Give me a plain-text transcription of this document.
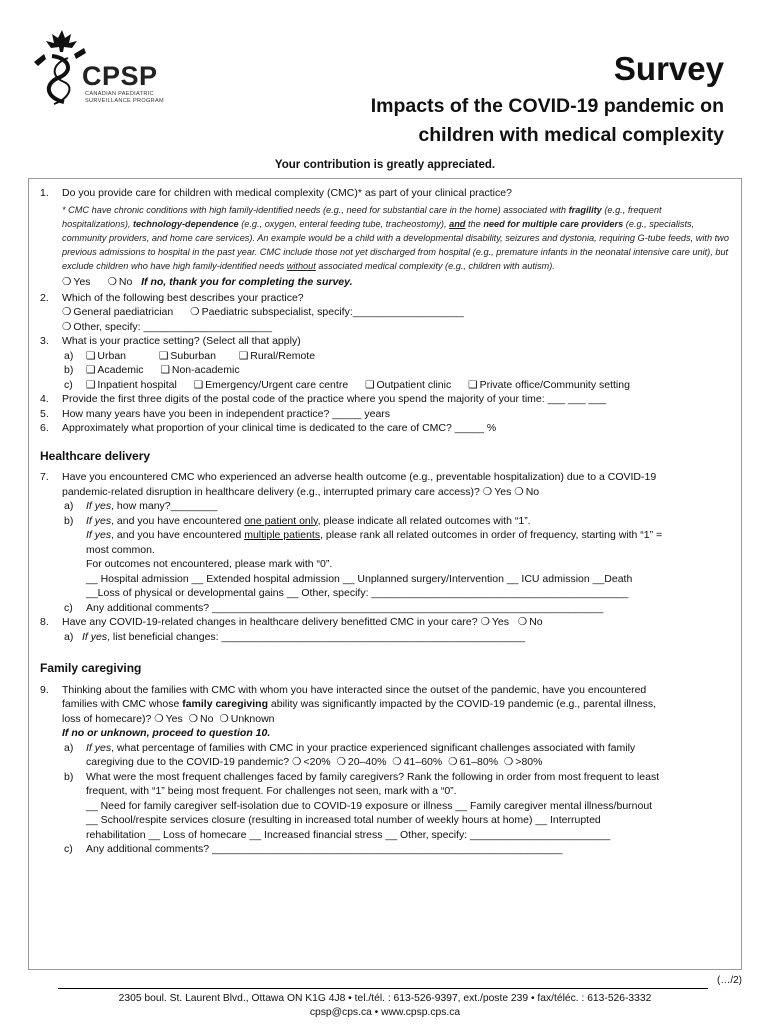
CPSP
CANADIAN PAEDIATRIC
SURVEILLANCE PROGRAM
Survey
Impacts of the COVID-19 pandemic on children with medical complexity
Your contribution is greatly appreciated.
1. Do you provide care for children with medical complexity (CMC)* as part of your clinical practice?
* CMC have chronic conditions with high family-identified needs (e.g., need for substantial care in the home) associated with fragility (e.g., frequent hospitalizations), technology-dependence (e.g., oxygen, enteral feeding tube, tracheostomy), and the need for multiple care providers (e.g., specialists, community providers, and home care services). An example would be a child with a developmental disability, seizures and dystonia, requiring G-tube feeds, with two previous admissions to hospital in the past year. CMC include those not yet discharged from hospital (e.g., premature infants in the neonatal intensive care unit), but exclude children who have high family-identified needs without associated medical complexity (e.g., children with autism).
❍ Yes ❍ No If no, thank you for completing the survey.
2. Which of the following best describes your practice?
❍ General paediatrician ❍ Paediatric subspecialist, specify:___________________
❍ Other, specify: ______________________
3. What is your practice setting? (Select all that apply)
a) ❑ Urban	❑ Suburban ❑ Rural/Remote
b) ❑ Academic ❑ Non-academic
c) ❑ Inpatient hospital ❑ Emergency/Urgent care centre ❑ Outpatient clinic ❑ Private office/Community setting
4. Provide the first three digits of the postal code of the practice where you spend the majority of your time: ___ ___ ___
5. How many years have you been in independent practice? _____ years
6. Approximately what proportion of your clinical time is dedicated to the care of CMC? _____ %
Healthcare delivery
7. Have you encountered CMC who experienced an adverse health outcome (e.g., preventable hospitalization) due to a COVID-19
pandemic-related disruption in healthcare delivery (e.g., interrupted primary care access)? ❍ Yes ❍ No
a) If yes, how many?________
b) If yes, and you have encountered one patient only, please indicate all related outcomes with “1”.
If yes, and you have encountered multiple patients, please rank all related outcomes in order of frequency, starting with “1” =
most common.
For outcomes not encountered, please mark with “0”.
__ Hospital admission __ Extended hospital admission __ Unplanned surgery/Intervention __ ICU admission __Death
__Loss of physical or developmental gains __ Other, specify: ____________________________________________
c) Any additional comments? ___________________________________________________________________
8. Have any COVID-19-related changes in healthcare delivery benefitted CMC in your care? ❍ Yes ❍ No
a) If yes, list beneficial changes: ____________________________________________________
Family caregiving
9. Thinking about the families with CMC with whom you have interacted since the outset of the pandemic, have you encountered
families with CMC whose family caregiving ability was significantly impacted by the COVID-19 pandemic (e.g., parental illness,
loss of homecare)? ❍ Yes ❍ No ❍ Unknown
If no or unknown, proceed to question 10.
a) If yes, what percentage of families with CMC in your practice experienced significant challenges associated with family
caregiving due to the COVID-19 pandemic? ❍ <20% ❍ 20–40% ❍ 41–60% ❍ 61–80% ❍ >80%
b) What were the most frequent challenges faced by family caregivers? Rank the following in order from most frequent to least
frequent, with “1” being most frequent. For challenges not seen, mark with a “0”.
__ Need for family caregiver self-isolation due to COVID-19 exposure or illness __ Family caregiver mental illness/burnout
__ School/respite services closure (resulting in increased total number of weekly hours at home) __ Interrupted
rehabilitation __ Loss of homecare __ Increased financial stress __ Other, specify: ________________________
c) Any additional comments? ____________________________________________________________
(…/2)
2305 boul. St. Laurent Blvd., Ottawa ON K1G 4J8 • tel./tél. : 613-526-9397, ext./poste 239 • fax/téléc. : 613-526-3332
cpsp@cps.ca • www.cpsp.cps.ca
